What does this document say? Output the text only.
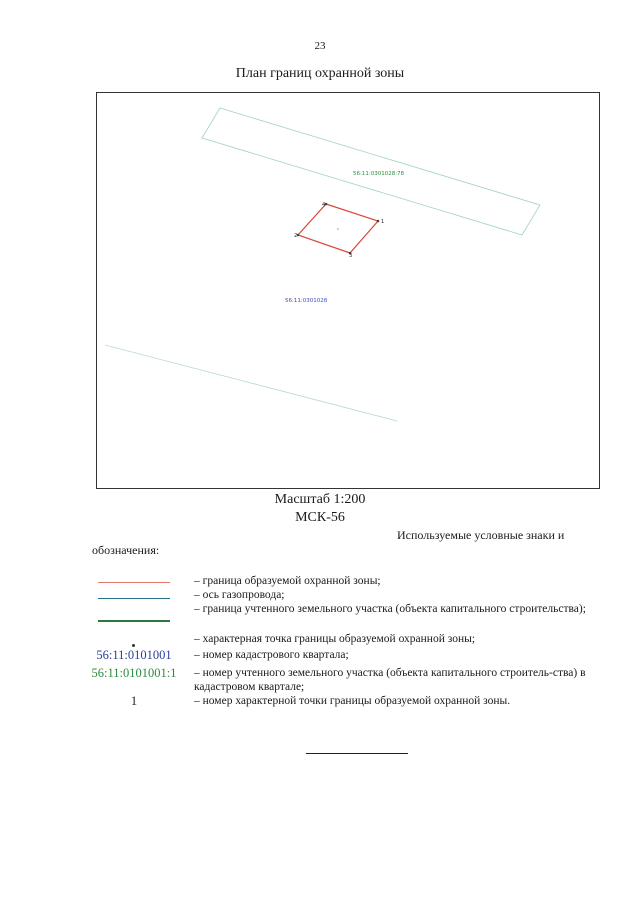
23
План границ охранной зоны
1
2
3
4
56:11:0301028:78
56:11:0301028
Масштаб 1:200
МСК-56
Используемые условные знаки и
обозначения:
– граница образуемой охранной зоны;
– ось газопровода;
– граница учтенного земельного участка (объекта капитального строительства);
– характерная точка границы образуемой охранной зоны;
56:11:0101001	– номер кадастрового квартала;
56:11:0101001:1	– номер учтенного земельного участка (объекта капитального строитель-ства) в кадастровом квартале;
1	– номер характерной точки границы образуемой охранной зоны.
